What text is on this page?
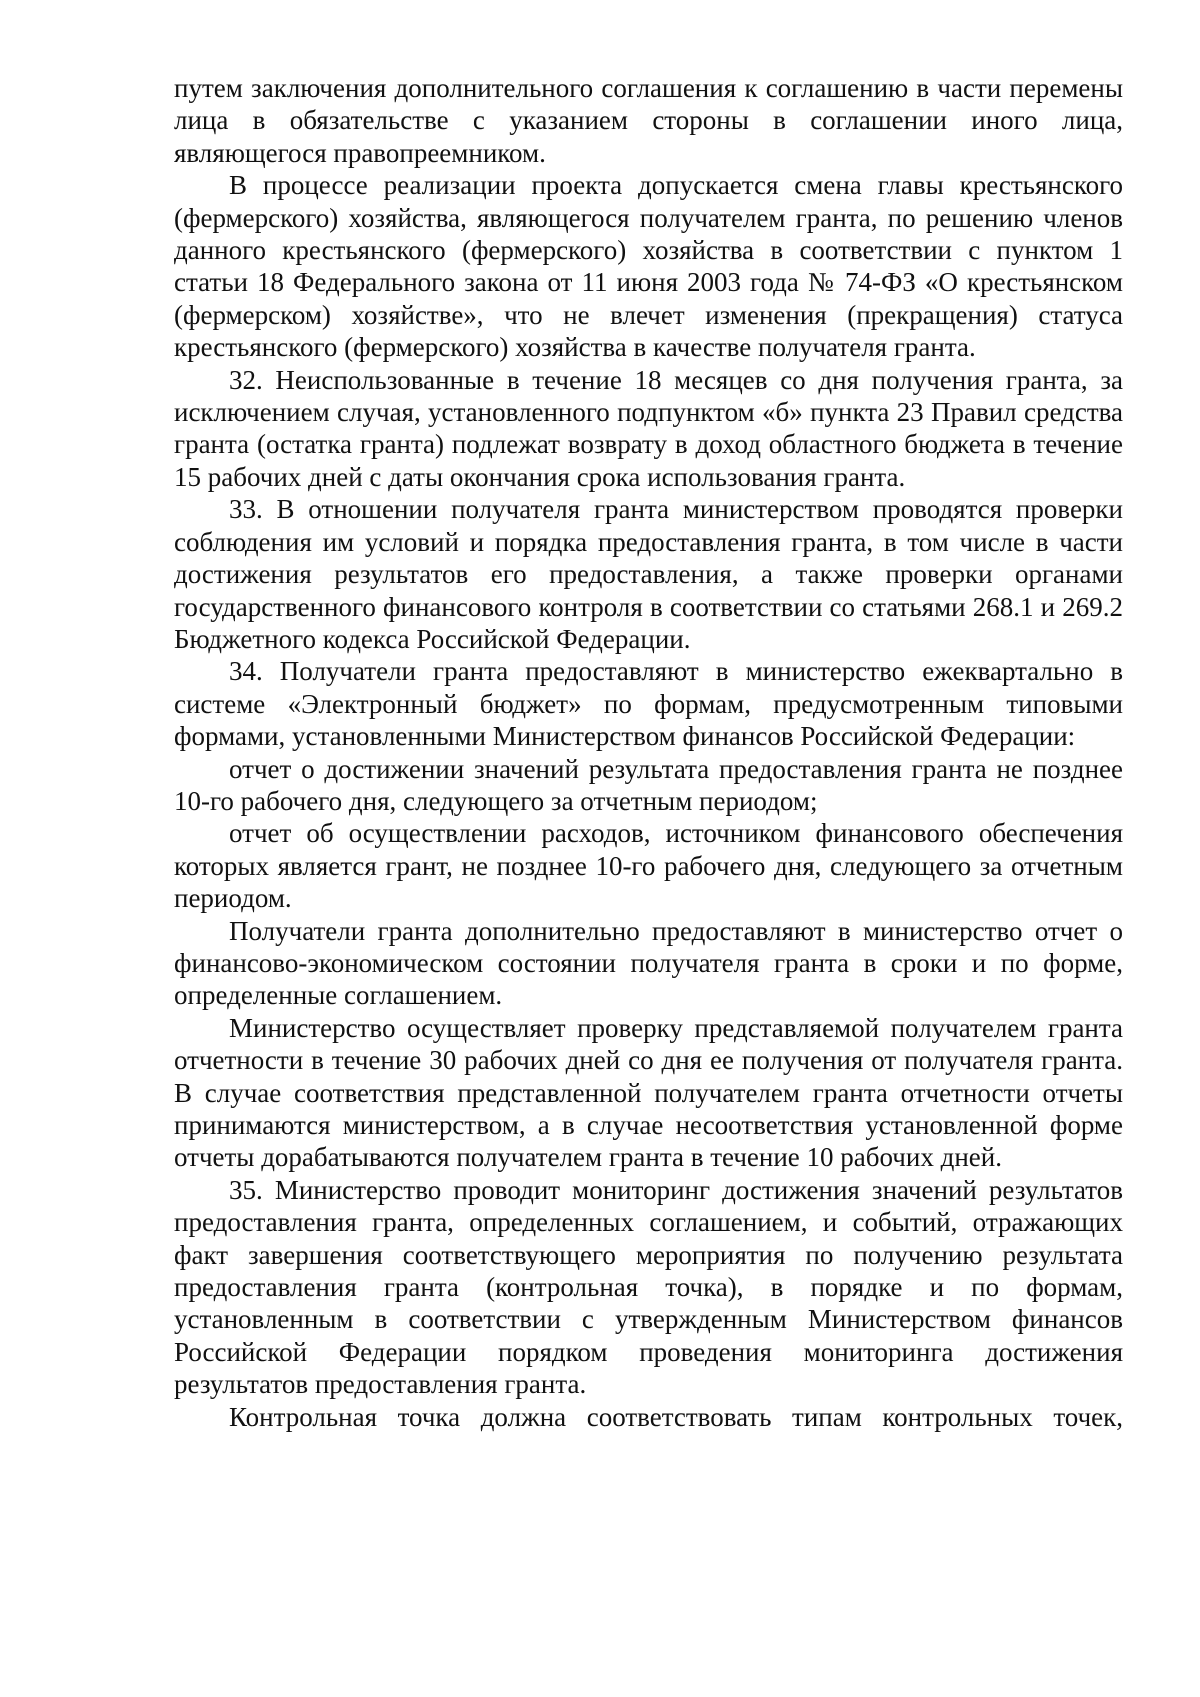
путем заключения дополнительного соглашения к соглашению в части перемены лица в обязательстве с указанием стороны в соглашении иного лица, являющегося правопреемником.

В процессе реализации проекта допускается смена главы крестьянского (фермерского) хозяйства, являющегося получателем гранта, по решению членов данного крестьянского (фермерского) хозяйства в соответствии с пунктом 1 статьи 18 Федерального закона от 11 июня 2003 года № 74-ФЗ «О крестьянском (фермерском) хозяйстве», что не влечет изменения (прекращения) статуса крестьянского (фермерского) хозяйства в качестве получателя гранта.

32. Неиспользованные в течение 18 месяцев со дня получения гранта, за исключением случая, установленного подпунктом «б» пункта 23 Правил средства гранта (остатка гранта) подлежат возврату в доход областного бюджета в течение 15 рабочих дней с даты окончания срока использования гранта.

33. В отношении получателя гранта министерством проводятся проверки соблюдения им условий и порядка предоставления гранта, в том числе в части достижения результатов его предоставления, а также проверки органами государственного финансового контроля в соответствии со статьями 268.1 и 269.2 Бюджетного кодекса Российской Федерации.

34. Получатели гранта предоставляют в министерство ежеквартально в системе «Электронный бюджет» по формам, предусмотренным типовыми формами, установленными Министерством финансов Российской Федерации:

отчет о достижении значений результата предоставления гранта не позднее 10-го рабочего дня, следующего за отчетным периодом;

отчет об осуществлении расходов, источником финансового обеспечения которых является грант, не позднее 10-го рабочего дня, следующего за отчетным периодом.

Получатели гранта дополнительно предоставляют в министерство отчет о финансово-экономическом состоянии получателя гранта в сроки и по форме, определенные соглашением.

Министерство осуществляет проверку представляемой получателем гранта отчетности в течение 30 рабочих дней со дня ее получения от получателя гранта. В случае соответствия представленной получателем гранта отчетности отчеты принимаются министерством, а в случае несоответствия установленной форме отчеты дорабатываются получателем гранта в течение 10 рабочих дней.

35. Министерство проводит мониторинг достижения значений результатов предоставления гранта, определенных соглашением, и событий, отражающих факт завершения соответствующего мероприятия по получению результата предоставления гранта (контрольная точка), в порядке и по формам, установленным в соответствии с утвержденным Министерством финансов Российской Федерации порядком проведения мониторинга достижения результатов предоставления гранта.

Контрольная точка должна соответствовать типам контрольных точек,
